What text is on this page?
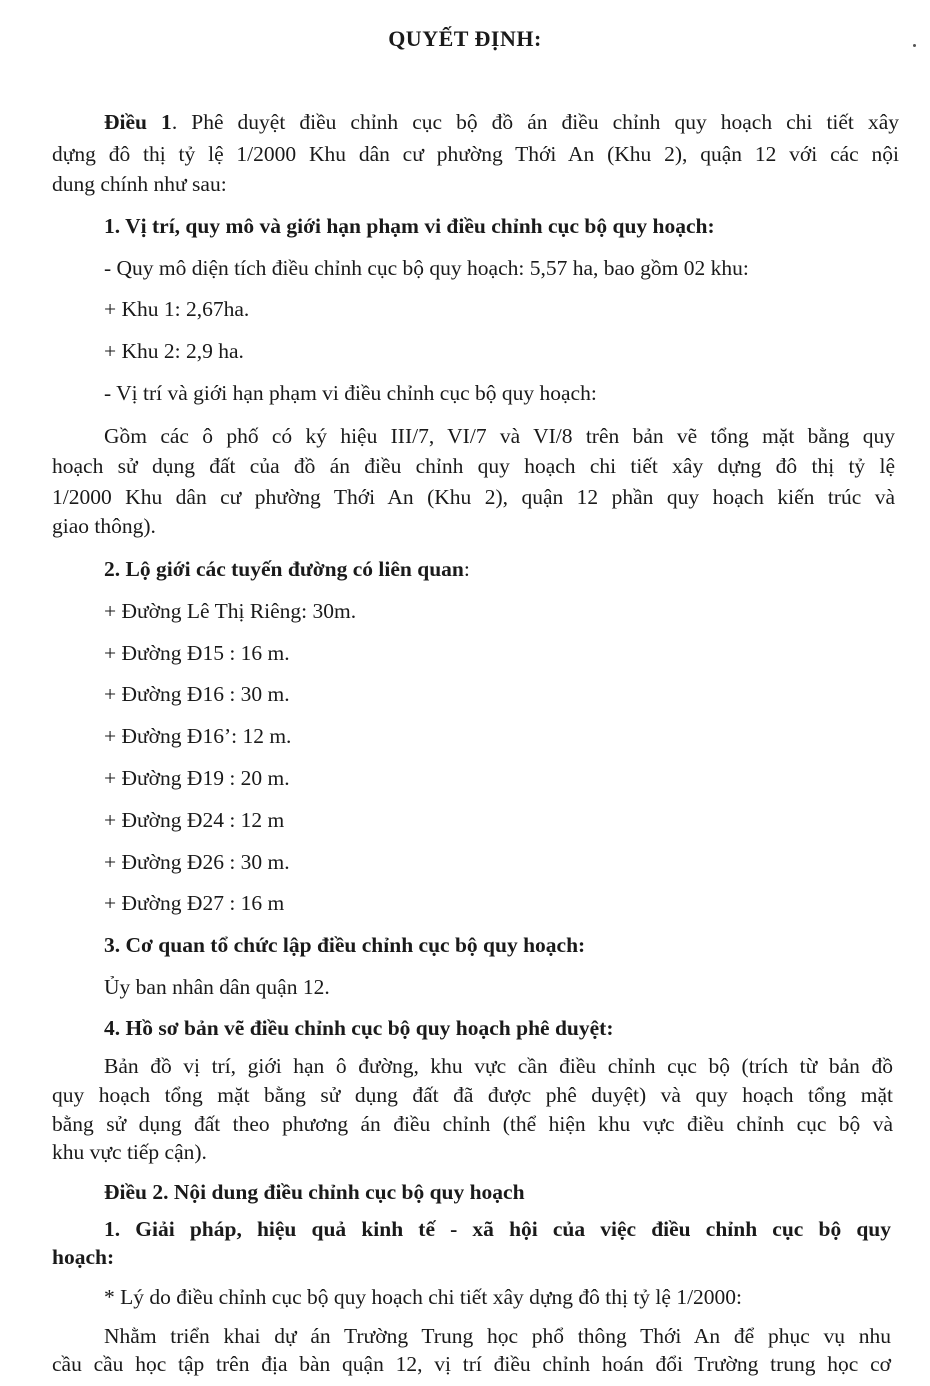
QUYẾT ĐỊNH:
Điều 1. Phê duyệt điều chỉnh cục bộ đồ án điều chỉnh quy hoạch chi tiết xây
dựng đô thị tỷ lệ 1/2000 Khu dân cư phường Thới An (Khu 2), quận 12 với các nội
dung chính như sau:
1. Vị trí, quy mô và giới hạn phạm vi điều chỉnh cục bộ quy hoạch:
- Quy mô diện tích điều chỉnh cục bộ quy hoạch: 5,57 ha, bao gồm 02 khu:
+ Khu 1: 2,67ha.
+ Khu 2: 2,9 ha.
- Vị trí và giới hạn phạm vi điều chỉnh cục bộ quy hoạch:
Gồm các ô phố có ký hiệu III/7, VI/7 và VI/8 trên bản vẽ tổng mặt bằng quy
hoạch sử dụng đất của đồ án điều chỉnh quy hoạch chi tiết xây dựng đô thị tỷ lệ
1/2000 Khu dân cư phường Thới An (Khu 2), quận 12 phần quy hoạch kiến trúc và
giao thông).
2. Lộ giới các tuyến đường có liên quan:
+ Đường Lê Thị Riêng: 30m.
+ Đường Đ15 : 16 m.
+ Đường Đ16 : 30 m.
+ Đường Đ16’: 12 m.
+ Đường Đ19 : 20 m.
+ Đường Đ24 : 12 m
+ Đường Đ26 : 30 m.
+ Đường Đ27 : 16 m
3. Cơ quan tổ chức lập điều chỉnh cục bộ quy hoạch:
Ủy ban nhân dân quận 12.
4. Hồ sơ bản vẽ điều chỉnh cục bộ quy hoạch phê duyệt:
Bản đồ vị trí, giới hạn ô đường, khu vực cần điều chỉnh cục bộ (trích từ bản đồ
quy hoạch tổng mặt bằng sử dụng đất đã được phê duyệt) và quy hoạch tổng mặt
bằng sử dụng đất theo phương án điều chỉnh (thể hiện khu vực điều chỉnh cục bộ và
khu vực tiếp cận).
Điều 2. Nội dung điều chỉnh cục bộ quy hoạch
1. Giải pháp, hiệu quả kinh tế - xã hội của việc điều chỉnh cục bộ quy
hoạch:
* Lý do điều chỉnh cục bộ quy hoạch chi tiết xây dựng đô thị tỷ lệ 1/2000:
Nhằm triển khai dự án Trường Trung học phổ thông Thới An để phục vụ nhu
cầu cầu học tập trên địa bàn quận 12, vị trí điều chỉnh hoán đổi Trường trung học cơ
